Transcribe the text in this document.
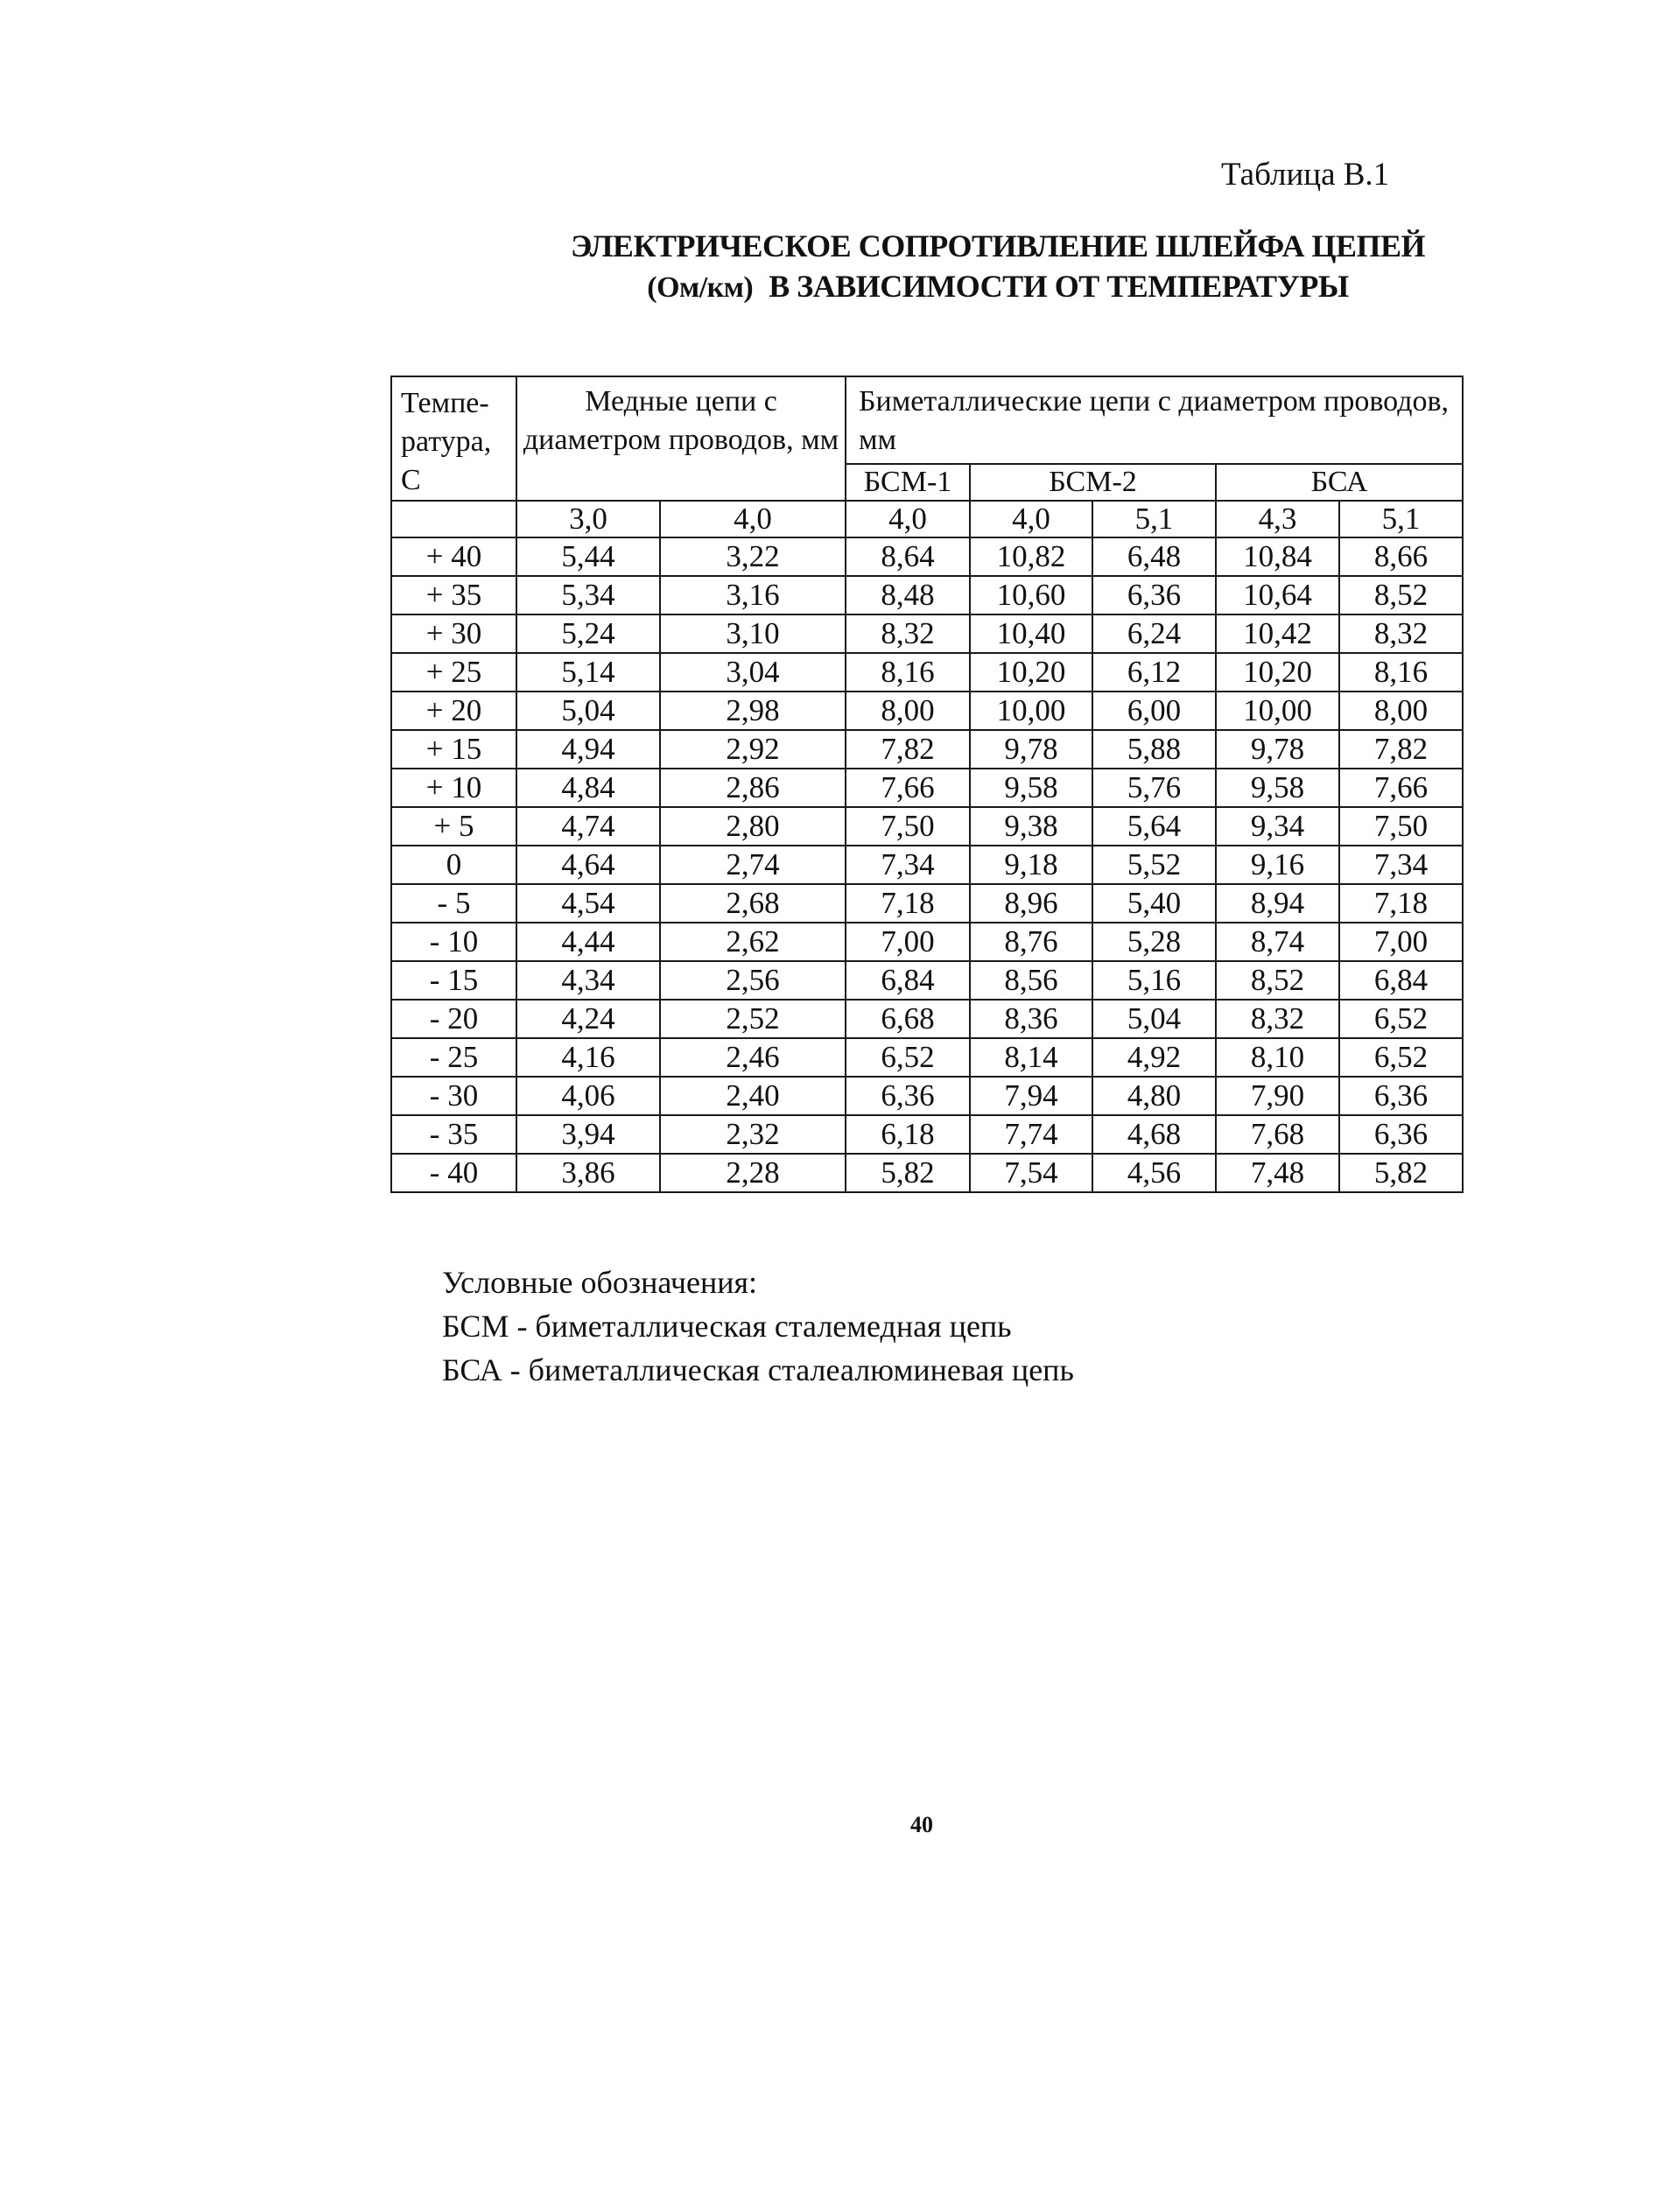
Таблица В.1
ЭЛЕКТРИЧЕСКОЕ СОПРОТИВЛЕНИЕ ШЛЕЙФА ЦЕПЕЙ
(Ом/км) В ЗАВИСИМОСТИ ОТ ТЕМПЕРАТУРЫ
Темпе-ратура, С	Медные цепи с диаметром проводов, мм		Биметаллические цепи с диаметром проводов, мм				

			БСМ-1	БСМ-2		БСА	
	3,0	4,0	4,0	4,0	5,1	4,3	5,1
+ 40	5,44	3,22	8,64	10,82	6,48	10,84	8,66
+ 35	5,34	3,16	8,48	10,60	6,36	10,64	8,52
+ 30	5,24	3,10	8,32	10,40	6,24	10,42	8,32
+ 25	5,14	3,04	8,16	10,20	6,12	10,20	8,16
+ 20	5,04	2,98	8,00	10,00	6,00	10,00	8,00
+ 15	4,94	2,92	7,82	9,78	5,88	9,78	7,82
+ 10	4,84	2,86	7,66	9,58	5,76	9,58	7,66
+ 5	4,74	2,80	7,50	9,38	5,64	9,34	7,50
0	4,64	2,74	7,34	9,18	5,52	9,16	7,34
- 5	4,54	2,68	7,18	8,96	5,40	8,94	7,18
- 10	4,44	2,62	7,00	8,76	5,28	8,74	7,00
- 15	4,34	2,56	6,84	8,56	5,16	8,52	6,84
- 20	4,24	2,52	6,68	8,36	5,04	8,32	6,52
- 25	4,16	2,46	6,52	8,14	4,92	8,10	6,52
- 30	4,06	2,40	6,36	7,94	4,80	7,90	6,36
- 35	3,94	2,32	6,18	7,74	4,68	7,68	6,36
- 40	3,86	2,28	5,82	7,54	4,56	7,48	5,82
Условные обозначения:
БСМ - биметаллическая сталемедная цепь
БСА - биметаллическая сталеалюминевая цепь
40
